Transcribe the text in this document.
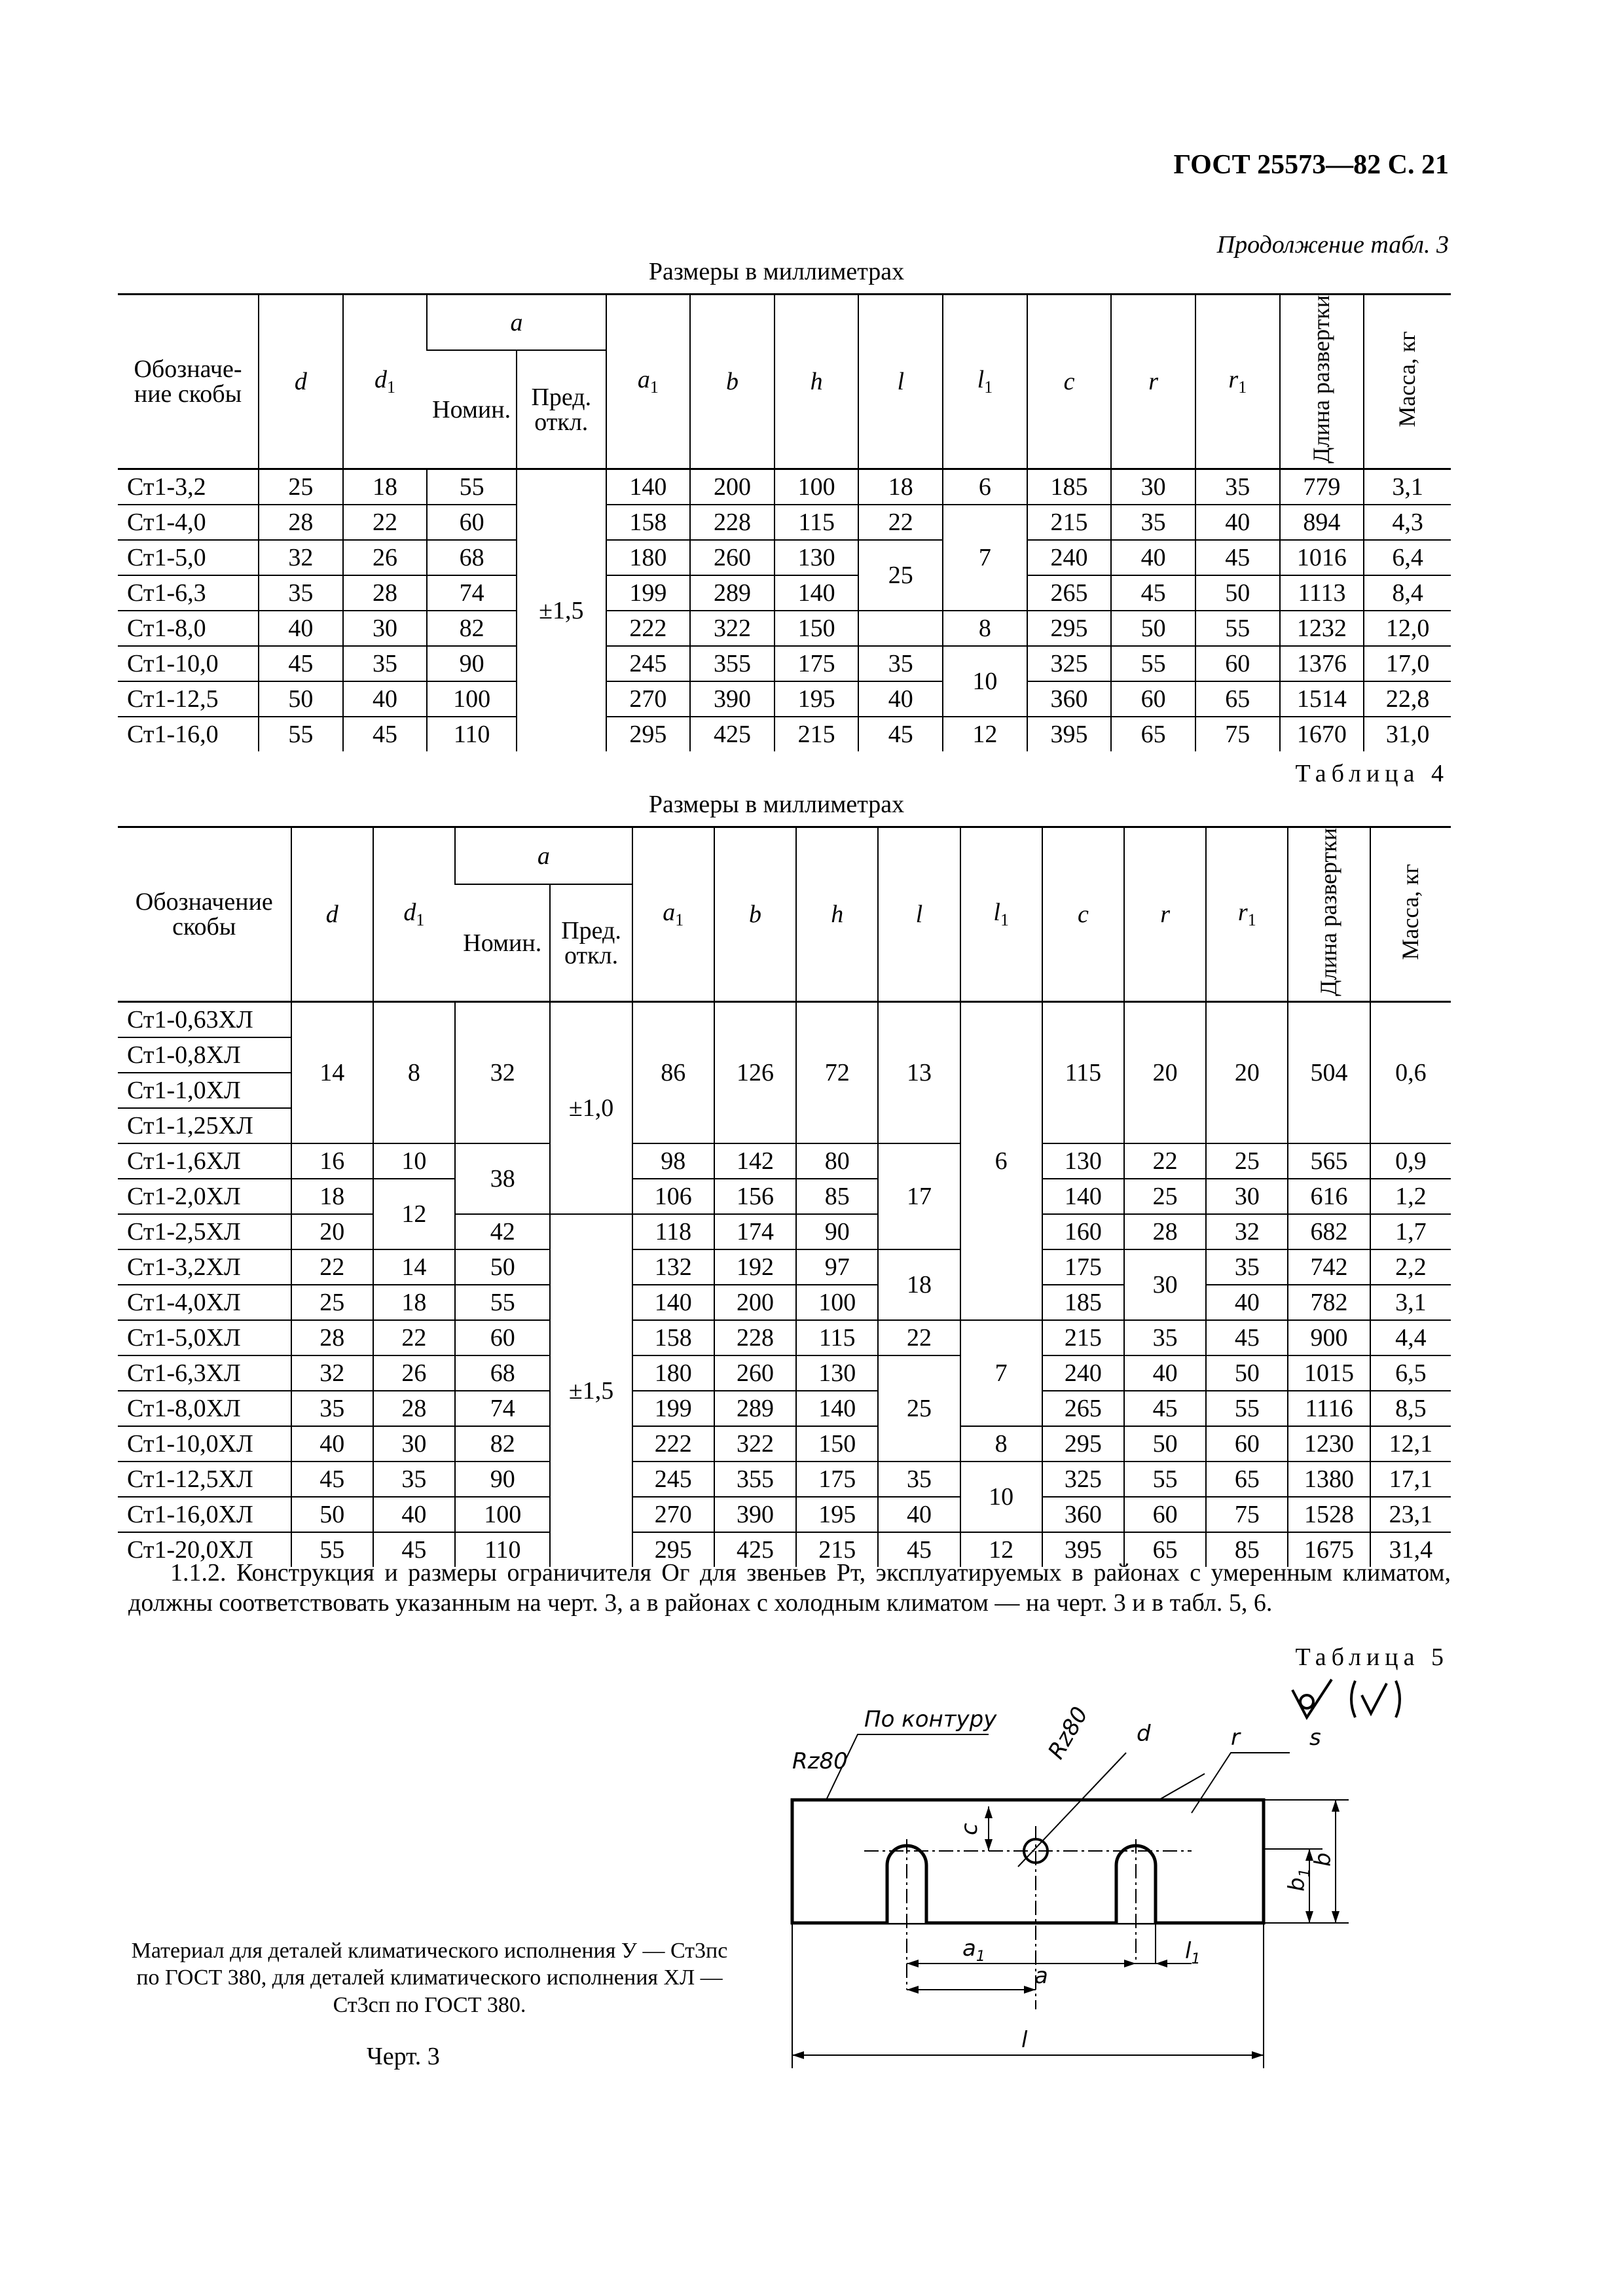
ГОСТ 25573—82 С. 21
Продолжение табл. 3
Размеры в миллиметрах
Обозначе-ние скобы	d	$d_1$	a		$a_1$	b	h	l	$l_1$	c	r	$r_1$	Длина развертки	Масса, кг
			Номин.	Пред. откл.										
Ст1-3,2	25	18	55	±1,5	140	200	100	18	6	185	30	35	779	3,1
Ст1-4,0	28	22	60		158	228	115	22	7	215	35	40	894	4,3
Ст1-5,0	32	26	68		180	260	130	25		240	40	45	1016	6,4
Ст1-6,3	35	28	74		199	289	140			265	45	50	1113	8,4
Ст1-8,0	40	30	82		222	322	150		8	295	50	55	1232	12,0
Ст1-10,0	45	35	90		245	355	175	35	10	325	55	60	1376	17,0
Ст1-12,5	50	40	100		270	390	195	40		360	60	65	1514	22,8
Ст1-16,0	55	45	110		295	425	215	45	12	395	65	75	1670	31,0
Таблица 4
Размеры в миллиметрах
Обозначение скобы	d	$d_1$	a		$a_1$	b	h	l	$l_1$	c	r	$r_1$	Длина развертки	Масса, кг
			Номин.	Пред. откл.										
Ст1-0,63ХЛ	14	8	32	±1,0	86	126	72	13	6	115	20	20	504	0,6
Ст1-0,8ХЛ														
Ст1-1,0ХЛ														
Ст1-1,25ХЛ														
Ст1-1,6ХЛ	16	10	38		98	142	80	17		130	22	25	565	0,9
Ст1-2,0ХЛ	18	12			106	156	85			140	25	30	616	1,2
Ст1-2,5ХЛ	20		42	±1,5	118	174	90			160	28	32	682	1,7
Ст1-3,2ХЛ	22	14	50		132	192	97	18		175	30	35	742	2,2
Ст1-4,0ХЛ	25	18	55		140	200	100			185		40	782	3,1
Ст1-5,0ХЛ	28	22	60		158	228	115	22	7	215	35	45	900	4,4
Ст1-6,3ХЛ	32	26	68		180	260	130	25		240	40	50	1015	6,5
Ст1-8,0ХЛ	35	28	74		199	289	140			265	45	55	1116	8,5
Ст1-10,0ХЛ	40	30	82		222	322	150		8	295	50	60	1230	12,1
Ст1-12,5ХЛ	45	35	90		245	355	175	35	10	325	55	65	1380	17,1
Ст1-16,0ХЛ	50	40	100		270	390	195	40		360	60	75	1528	23,1
Ст1-20,0ХЛ	55	45	110		295	425	215	45	12	395	65	85	1675	31,4
1.1.2. Конструкция и размеры ограничителя Ог для звеньев Рт, эксплуатируемых в районах с умеренным климатом, должны соответствовать указанным на черт. 3, а в районах с холодным климатом — на черт. 3 и в табл. 5, 6.
Таблица 5
Материал для деталей климатического исполнения У — Ст3пс по ГОСТ 380, для деталей климатического исполнения ХЛ — Ст3сп по ГОСТ 380.
Черт. 3
По контуру
Rz80	Rz80 d	r	s
c
$b_1$
b
$a_1$	$l_1$
a
l
